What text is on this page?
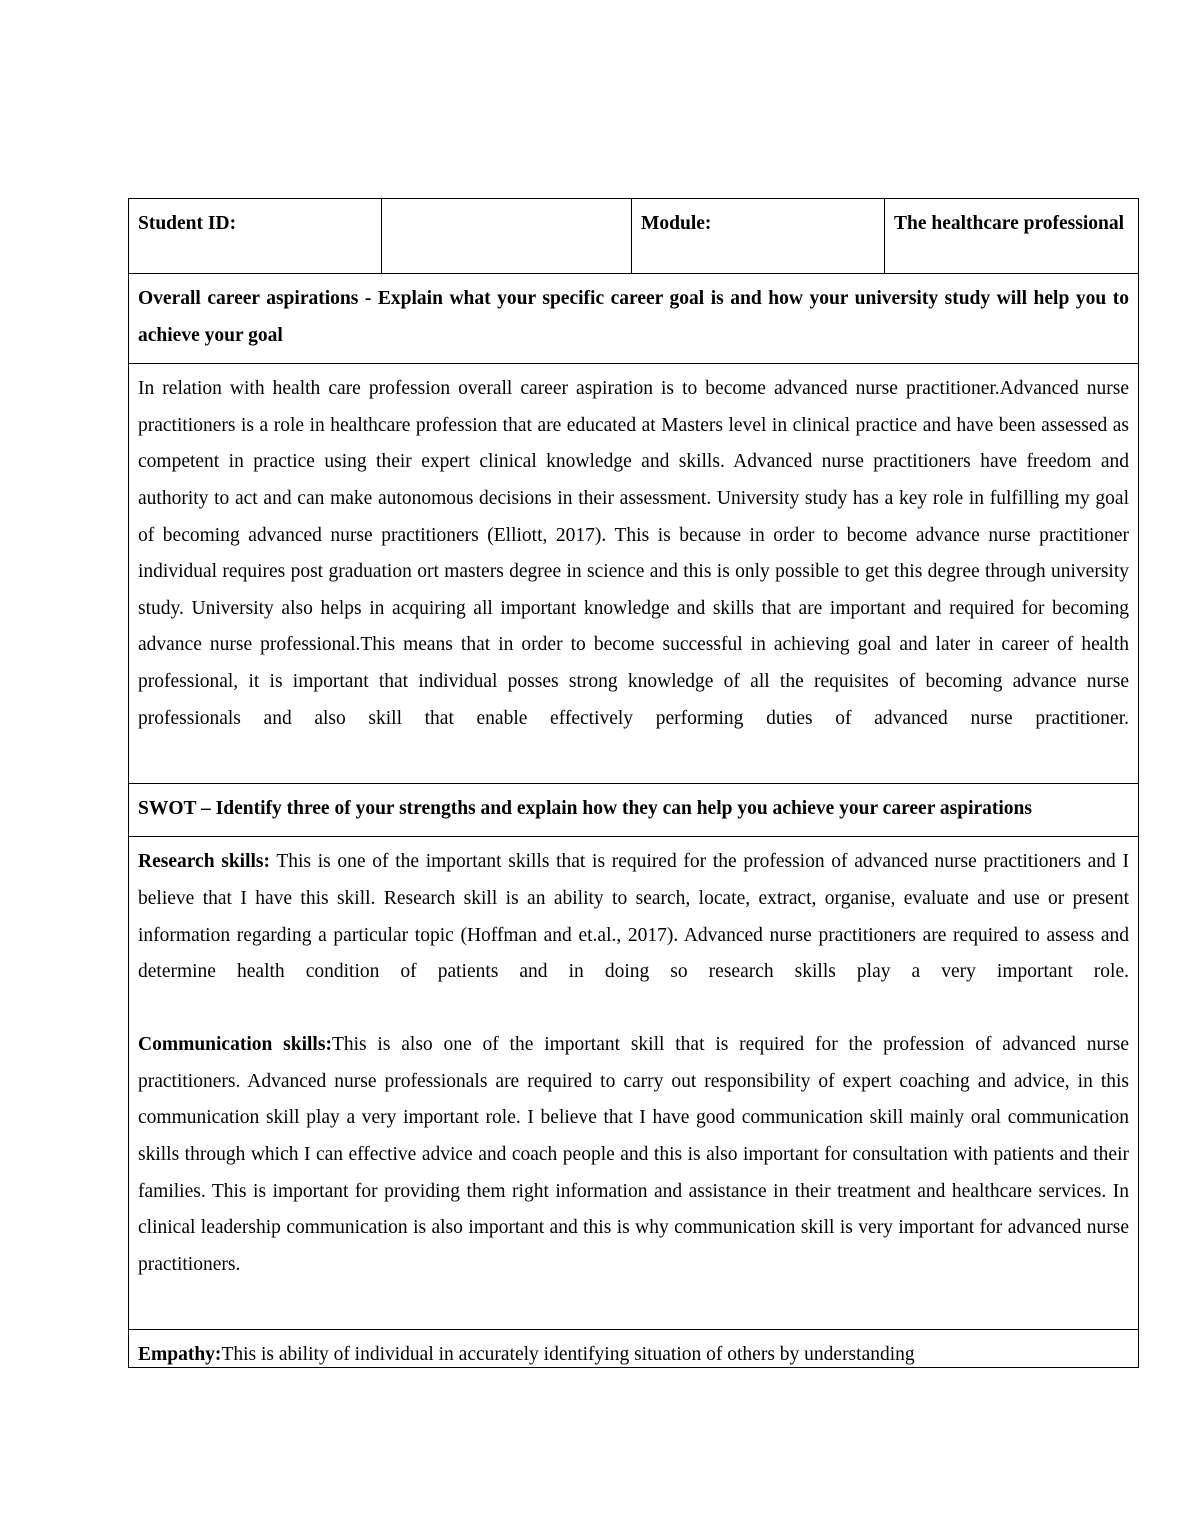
Student ID:		Module:	The healthcare professional
Overall career aspirations - Explain what your specific career goal is and how your university study will help you to achieve your goal

In relation with health care profession overall career aspiration is to become advanced nurse practitioner.Advanced nurse practitioners is a role in healthcare profession that are educated at Masters level in clinical practice and have been assessed as competent in practice using their expert clinical knowledge and skills. Advanced nurse practitioners have freedom and authority to act and can make autonomous decisions in their assessment. University study has a key role in fulfilling my goal of becoming advanced nurse practitioners (Elliott, 2017). This is because in order to become advance nurse practitioner individual requires post graduation ort masters degree in science and this is only possible to get this degree through university study. University also helps in acquiring all important knowledge and skills that are important and required for becoming advance nurse professional.This means that in order to become successful in achieving goal and later in career of health professional, it is important that individual posses strong knowledge of all the requisites of becoming advance nurse professionals and also skill that enable effectively performing duties of advanced nurse practitioner.

SWOT – Identify three of your strengths and explain how they can help you achieve your career aspirations

Research skills: This is one of the important skills that is required for the profession of advanced nurse practitioners and I believe that I have this skill. Research skill is an ability to search, locate, extract, organise, evaluate and use or present information regarding a particular topic (Hoffman and et.al., 2017). Advanced nurse practitioners are required to assess and determine health condition of patients and in doing so research skills play a very important role.

Communication skills:This is also one of the important skill that is required for the profession of advanced nurse practitioners. Advanced nurse professionals are required to carry out responsibility of expert coaching and advice, in this communication skill play a very important role. I believe that I have good communication skill mainly oral communication skills through which I can effective advice and coach people and this is also important for consultation with patients and their families. This is important for providing them right information and assistance in their treatment and healthcare services. In clinical leadership communication is also important and this is why communication skill is very important for advanced nurse practitioners.

Empathy:This is ability of individual in accurately identifying situation of others by understanding
